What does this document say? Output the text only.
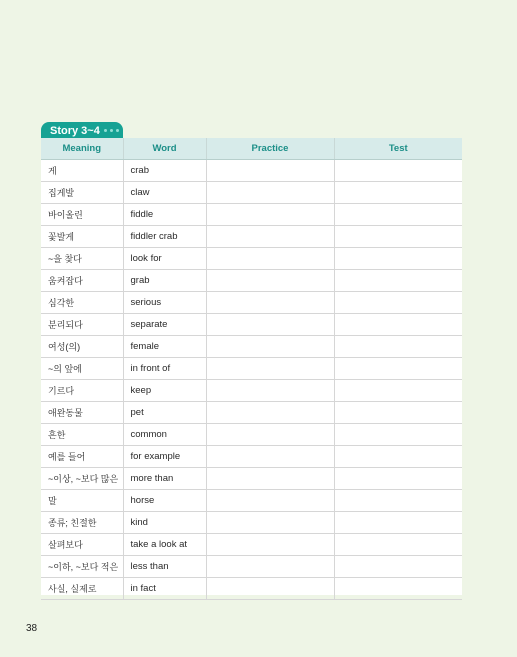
Story 3~4
Meaning	Word	Practice	Test
게	crab		
집게발	claw		
바이올린	fiddle		
꽃발게	fiddler crab		
~을 찾다	look for		
움켜잡다	grab		
심각한	serious		
분리되다	separate		
여성(의)	female		
~의 앞에	in front of		
기르다	keep		
애완동물	pet		
흔한	common		
예를 들어	for example		
~이상, ~보다 많은	more than		
말	horse		
종류; 친절한	kind		
살펴보다	take a look at		
~이하, ~보다 적은	less than		
사실, 실제로	in fact		
38
